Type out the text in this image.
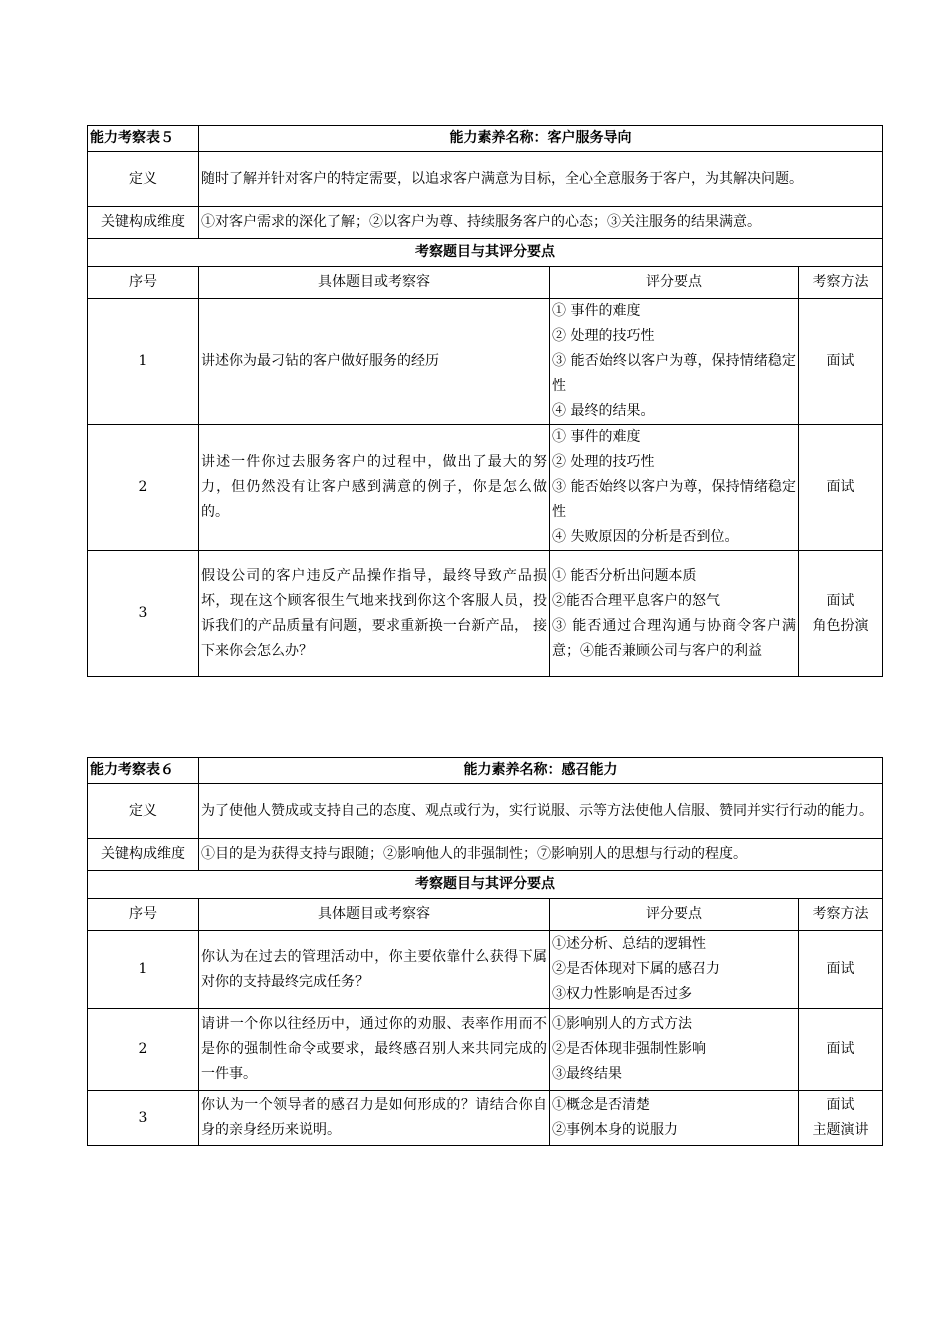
能力考察表５	能力素养名称：客户服务导向		
定义	随时了解并针对客户的特定需要，以追求客户满意为目标，全心全意服务于客户，为其解决问题。		
关键构成维度	①对客户需求的深化了解；②以客户为尊、持续服务客户的心态；③关注服务的结果满意。		
考察题目与其评分要点			
序号	具体题目或考察容	评分要点	考察方法
1	讲述你为最刁钻的客户做好服务的经历	① 事件的难度
② 处理的技巧性
③ 能否始终以客户为尊，保持情绪稳定性
④ 最终的结果。	面试

2	讲述一件你过去服务客户的过程中，做出了最大的努力，但仍然没有让客户感到满意的例子，你是怎么做的。	① 事件的难度
② 处理的技巧性
③ 能否始终以客户为尊，保持情绪稳定性
④ 失败原因的分析是否到位。	面试

3	假设公司的客户违反产品操作指导，最终导致产品损坏，现在这个顾客很生气地来找到你这个客服人员，投诉我们的产品质量有问题，要求重新换一台新产品， 接下来你会怎么办？	① 能否分析出问题本质
②能否合理平息客户的怒气
③ 能否通过合理沟通与协商令客户满意；④能否兼顾公司与客户的利益	面试
角色扮演
能力考察表６	能力素养名称：感召能力		
定义	为了使他人赞成或支持自己的态度、观点或行为，实行说服、示等方法使他人信服、赞同并实行行动的能力。		
关键构成维度	①目的是为获得支持与跟随；②影响他人的非强制性；⑦影响别人的思想与行动的程度。		
考察题目与其评分要点			
序号	具体题目或考察容	评分要点	考察方法
1	你认为在过去的管理活动中，你主要依靠什么获得下属对你的支持最终完成任务？	①述分析、总结的逻辑性
②是否体现对下属的感召力
③权力性影响是否过多	面试

2	请讲一个你以往经历中，通过你的劝服、表率作用而不是你的强制性命令或要求，最终感召别人来共同完成的一件事。	①影响别人的方式方法
②是否体现非强制性影响
③最终结果	面试

3	你认为一个领导者的感召力是如何形成的？请结合你自身的亲身经历来说明。	①概念是否清楚
②事例本身的说服力	面试
主题演讲
